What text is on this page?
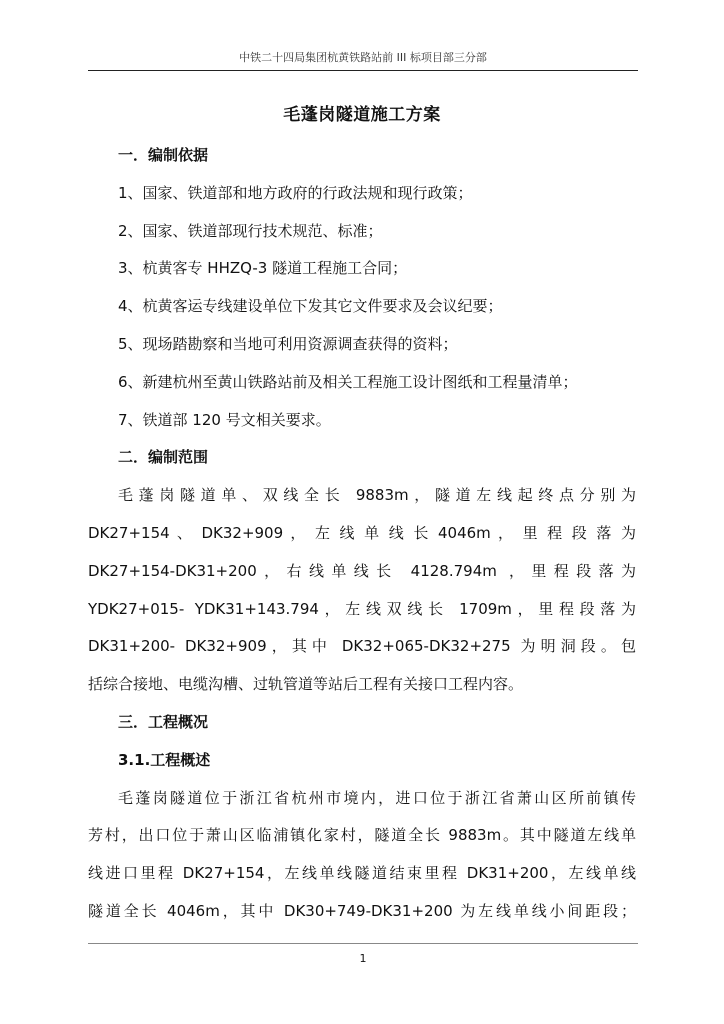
中铁二十四局集团杭黄铁路站前 III 标项目部三分部
毛蓬岗隧道施工方案
一．编制依据
1、国家、铁道部和地方政府的行政法规和现行政策；
2、国家、铁道部现行技术规范、标准；
3、杭黄客专 HHZQ-3 隧道工程施工合同；
4、杭黄客运专线建设单位下发其它文件要求及会议纪要；
5、现场踏勘察和当地可利用资源调查获得的资料；
6、新建杭州至黄山铁路站前及相关工程施工设计图纸和工程量清单；
7、铁道部 120 号文相关要求。
二．编制范围
毛蓬岗隧道单、双线全长 9883m，隧道左线起终点分别为
DK27+154 、 DK32+909 ， 左 线 单 线 长 4046m ， 里 程 段 落 为
DK27+154-DK31+200，右线单线长 4128.794m ，里程段落为
YDK27+015- YDK31+143.794，左线双线长 1709m，里程段落为
DK31+200- DK32+909，其中 DK32+065-DK32+275 为明洞段。包
括综合接地、电缆沟槽、过轨管道等站后工程有关接口工程内容。
三．工程概况
3.1.工程概述
毛蓬岗隧道位于浙江省杭州市境内，进口位于浙江省萧山区所前镇传
芳村，出口位于萧山区临浦镇化家村，隧道全长 9883m。其中隧道左线单
线进口里程 DK27+154，左线单线隧道结束里程 DK31+200，左线单线
隧道全长 4046m，其中 DK30+749-DK31+200 为左线单线小间距段；
1
